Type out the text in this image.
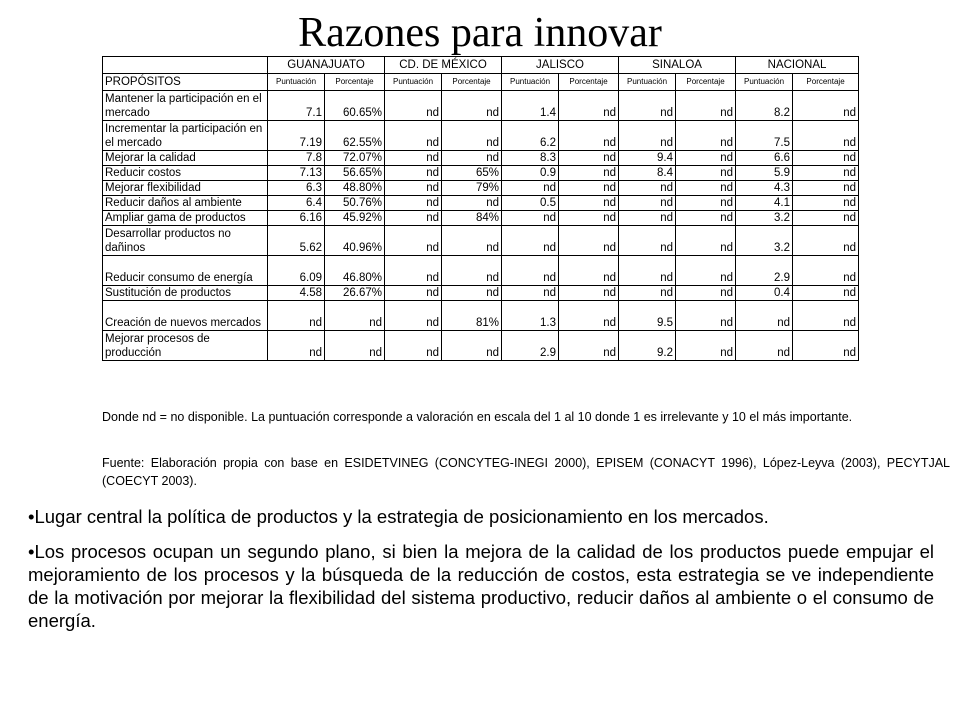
Razones para innovar
	GUANAJUATO		CD. DE MÉXICO		JALISCO		SINALOA		NACIONAL	
PROPÓSITOS	Puntuación	Porcentaje	Puntuación	Porcentaje	Puntuación	Porcentaje	Puntuación	Porcentaje	Puntuación	Porcentaje
Mantener la participación en el mercado	7.1	60.65%	nd	nd	1.4	nd	nd	nd	8.2	nd
Incrementar la participación en el mercado	7.19	62.55%	nd	nd	6.2	nd	nd	nd	7.5	nd
Mejorar la calidad	7.8	72.07%	nd	nd	8.3	nd	9.4	nd	6.6	nd
Reducir costos	7.13	56.65%	nd	65%	0.9	nd	8.4	nd	5.9	nd
Mejorar flexibilidad	6.3	48.80%	nd	79%	nd	nd	nd	nd	4.3	nd
Reducir daños al ambiente	6.4	50.76%	nd	nd	0.5	nd	nd	nd	4.1	nd
Ampliar gama de productos	6.16	45.92%	nd	84%	nd	nd	nd	nd	3.2	nd
Desarrollar productos no dañinos	5.62	40.96%	nd	nd	nd	nd	nd	nd	3.2	nd
Reducir consumo de energía	6.09	46.80%	nd	nd	nd	nd	nd	nd	2.9	nd
Sustitución de productos	4.58	26.67%	nd	nd	nd	nd	nd	nd	0.4	nd
Creación de nuevos mercados	nd	nd	nd	81%	1.3	nd	9.5	nd	nd	nd
Mejorar procesos de producción	nd	nd	nd	nd	2.9	nd	9.2	nd	nd	nd
Donde nd = no disponible. La puntuación corresponde a valoración en escala del 1 al 10 donde 1 es irrelevante y 10 el más importante.
Fuente: Elaboración propia con base en ESIDETVINEG (CONCYTEG-INEGI 2000), EPISEM (CONACYT 1996), López-Leyva (2003), PECYTJAL (COECYT 2003).

•Lugar central la política de productos y la estrategia de posicionamiento en los mercados.

•Los procesos ocupan un segundo plano, si bien la mejora de la calidad de los productos puede empujar el mejoramiento de los procesos y la búsqueda de la reducción de costos, esta estrategia se ve independiente de la motivación por mejorar la flexibilidad del sistema productivo, reducir daños al ambiente o el consumo de energía.
